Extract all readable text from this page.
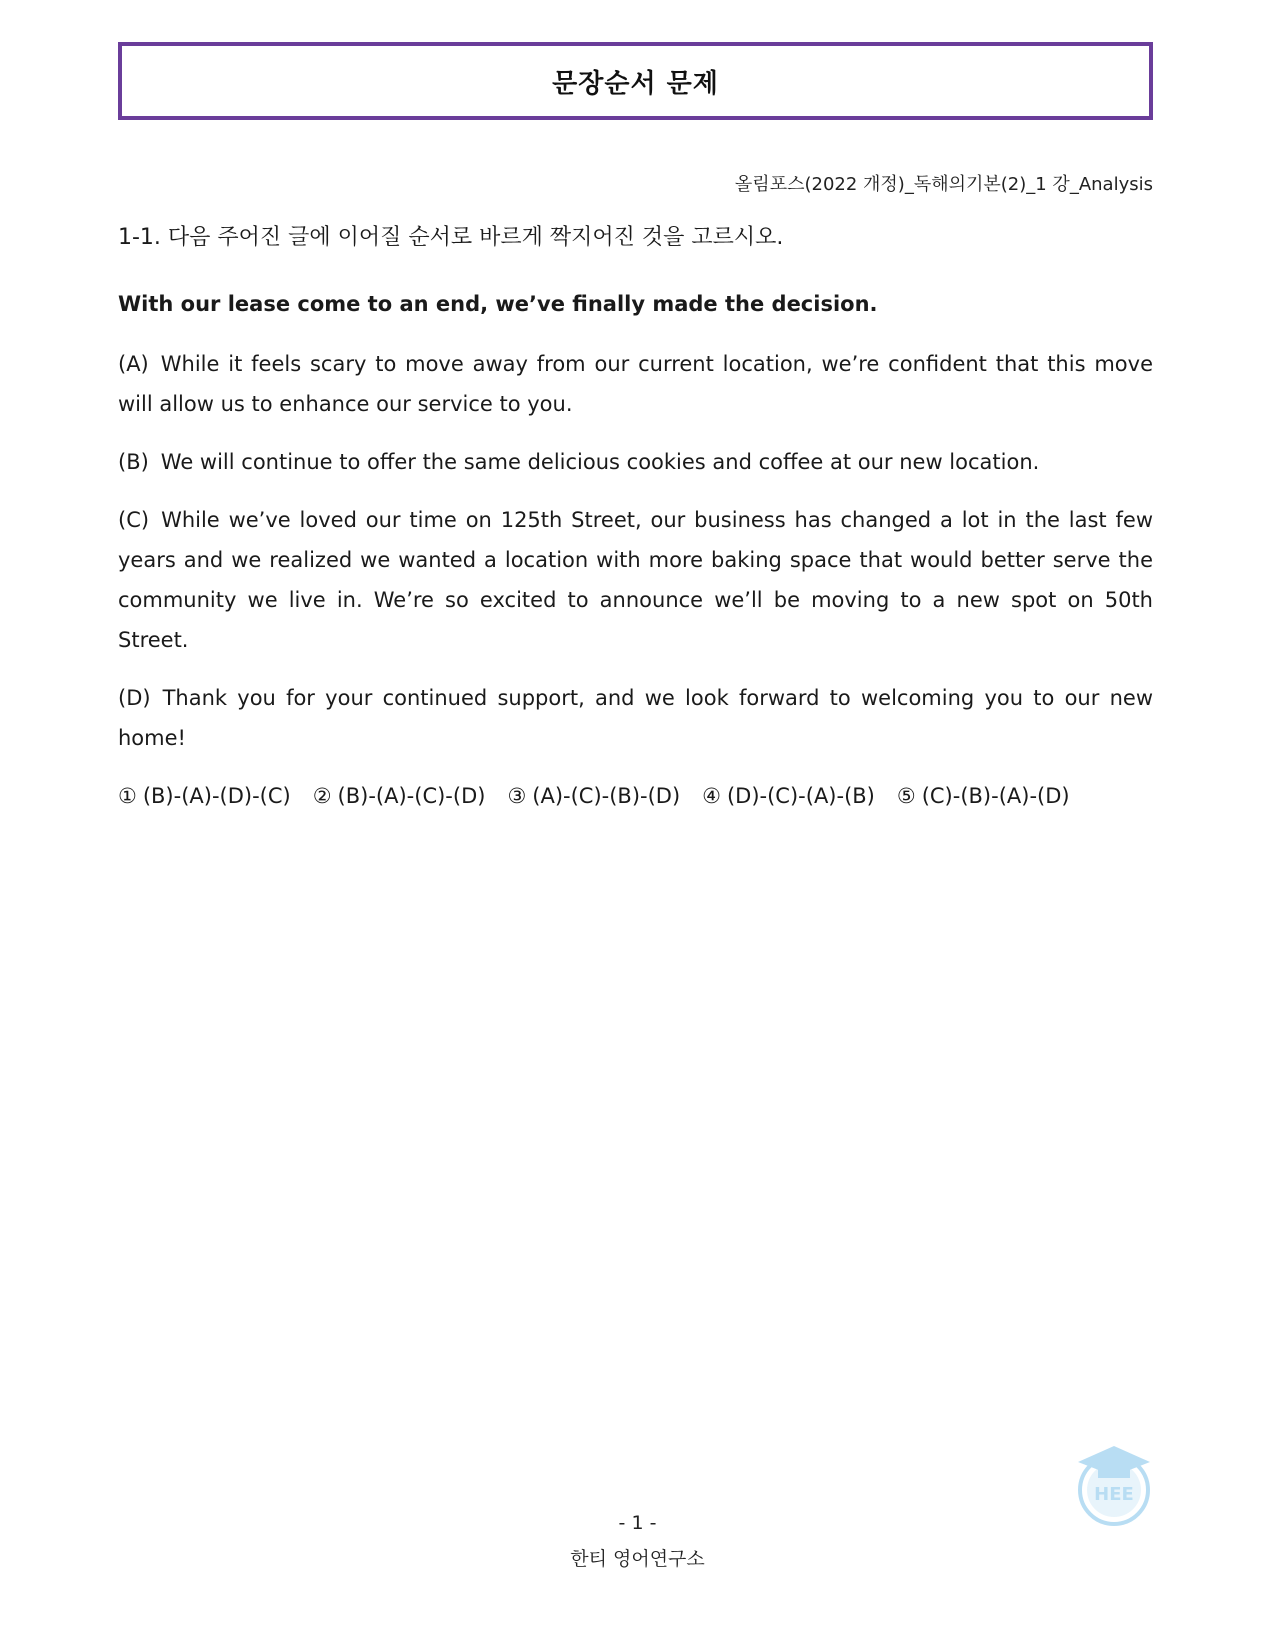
문장순서 문제
올림포스(2022 개정)_독해의기본(2)_1 강_Analysis

1-1. 다음 주어진 글에 이어질 순서로 바르게 짝지어진 것을 고르시오.

With our lease come to an end, we’ve finally made the decision.

(A) While it feels scary to move away from our current location, we’re confident that this move will allow us to enhance our service to you.

(B) We will continue to offer the same delicious cookies and coffee at our new location.

(C) While we’ve loved our time on 125th Street, our business has changed a lot in the last few years and we realized we wanted a location with more baking space that would better serve the community we live in. We’re so excited to announce we’ll be moving to a new spot on 50th Street.

(D) Thank you for your continued support, and we look forward to welcoming you to our new home!

① (B)-(A)-(D)-(C) ② (B)-(A)-(C)-(D) ③ (A)-(C)-(B)-(D) ④ (D)-(C)-(A)-(B) ⑤ (C)-(B)-(A)-(D)
HEE
- 1 -
한티 영어연구소
